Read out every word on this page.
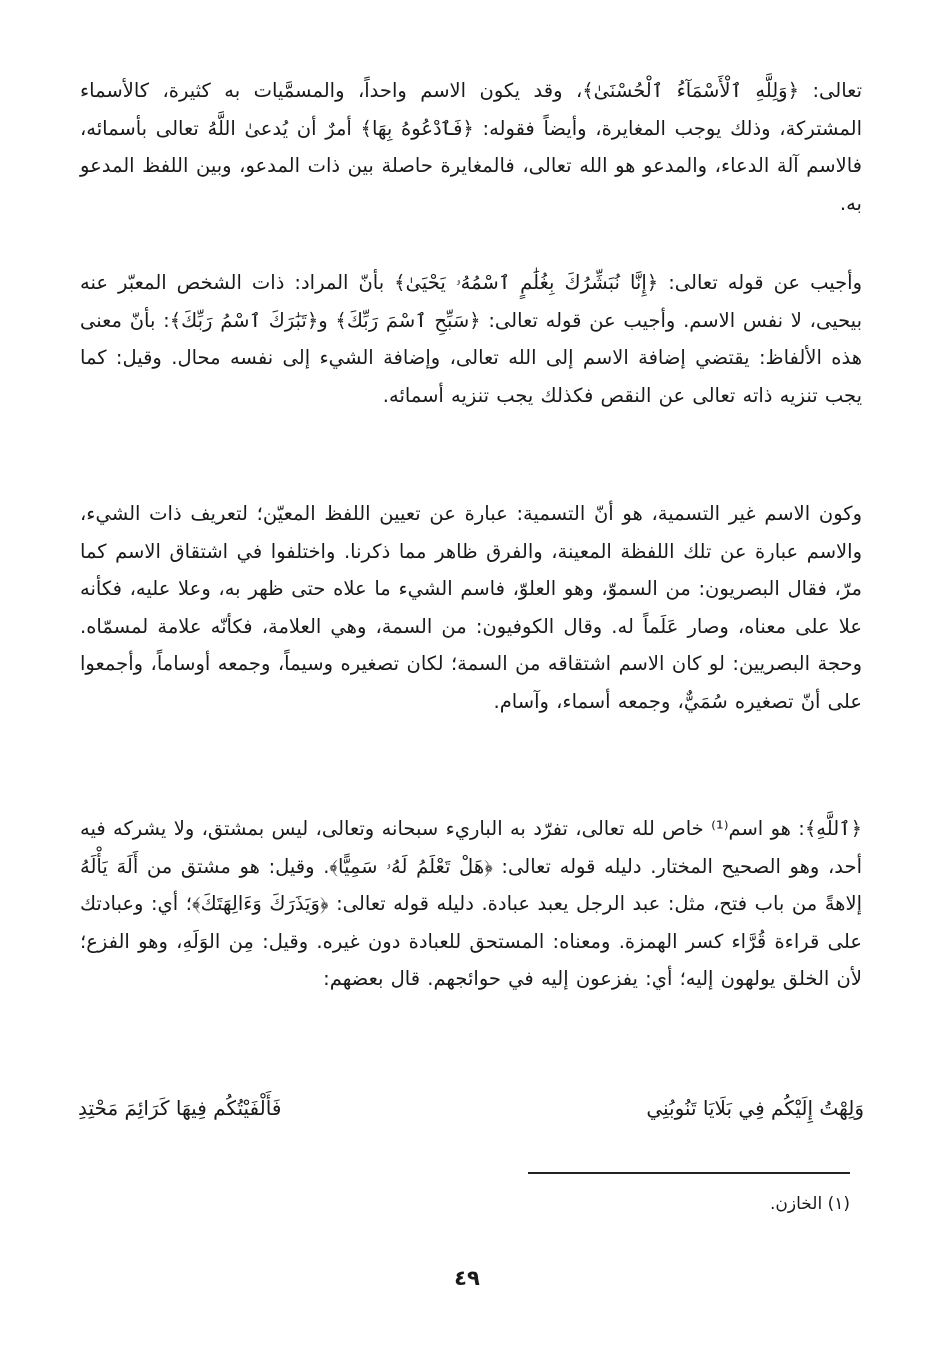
تعالى: ﴿وَلِلَّهِ ٱلْأَسْمَآءُ ٱلْحُسْنَىٰ﴾، وقد يكون الاسم واحداً، والمسمَّيات به كثيرة، كالأسماء المشتركة، وذلك يوجب المغايرة، وأيضاً فقوله: ﴿فَٱدْعُوهُ بِهَا﴾ أمرٌ أن يُدعىٰ اللَّهُ تعالى بأسمائه، فالاسم آلة الدعاء، والمدعو هو الله تعالى، فالمغايرة حاصلة بين ذات المدعو، وبين اللفظ المدعو به.

وأجيب عن قوله تعالى: ﴿إِنَّا نُبَشِّرُكَ بِغُلَٰمٍ ٱسْمُهُۥ يَحْيَىٰ﴾ بأنّ المراد: ذات الشخص المعبّر عنه بيحيى، لا نفس الاسم. وأجيب عن قوله تعالى: ﴿سَبِّحِ ٱسْمَ رَبِّكَ﴾ و﴿تَبَٰرَكَ ٱسْمُ رَبِّكَ﴾: بأنّ معنى هذه الألفاظ: يقتضي إضافة الاسم إلى الله تعالى، وإضافة الشيء إلى نفسه محال. وقيل: كما يجب تنزيه ذاته تعالى عن النقص فكذلك يجب تنزيه أسمائه.

وكون الاسم غير التسمية، هو أنّ التسمية: عبارة عن تعيين اللفظ المعيّن؛ لتعريف ذات الشيء، والاسم عبارة عن تلك اللفظة المعينة، والفرق ظاهر مما ذكرنا. واختلفوا في اشتقاق الاسم كما مرّ، فقال البصريون: من السموّ، وهو العلوّ، فاسم الشيء ما علاه حتى ظهر به، وعلا عليه، فكأنه علا على معناه، وصار عَلَماً له. وقال الكوفيون: من السمة، وهي العلامة، فكأنّه علامة لمسمّاه. وحجة البصريين: لو كان الاسم اشتقاقه من السمة؛ لكان تصغيره وسيماً، وجمعه أوساماً، وأجمعوا على أنّ تصغيره سُمَيٌّ، وجمعه أسماء، وآسام.

﴿ٱللَّهِ﴾: هو اسم⁽¹⁾ خاص لله تعالى، تفرّد به الباريء سبحانه وتعالى، ليس بمشتق، ولا يشركه فيه أحد، وهو الصحيح المختار. دليله قوله تعالى: ﴿هَلْ تَعْلَمُ لَهُۥ سَمِيًّا﴾. وقيل: هو مشتق من أَلَهَ يَأْلَهُ إلاهةً من باب فتح، مثل: عبد الرجل يعبد عبادة. دليله قوله تعالى: ﴿وَيَذَرَكَ وَءَالِهَتَكَ﴾؛ أي: وعبادتك على قراءة قُرَّاء كسر الهمزة. ومعناه: المستحق للعبادة دون غيره. وقيل: مِن الوَلَهِ، وهو الفزع؛ لأن الخلق يولهون إليه؛ أي: يفزعون إليه في حوائجهم. قال بعضهم:

وَلِهْتُ إِلَيْكُم فِي بَلَايَا تَنُوبُنِي
فَأَلْفَيْتُكُم فِيهَا كَرَائِمَ مَحْتِدِ
(١) الخازن.
٤٩
